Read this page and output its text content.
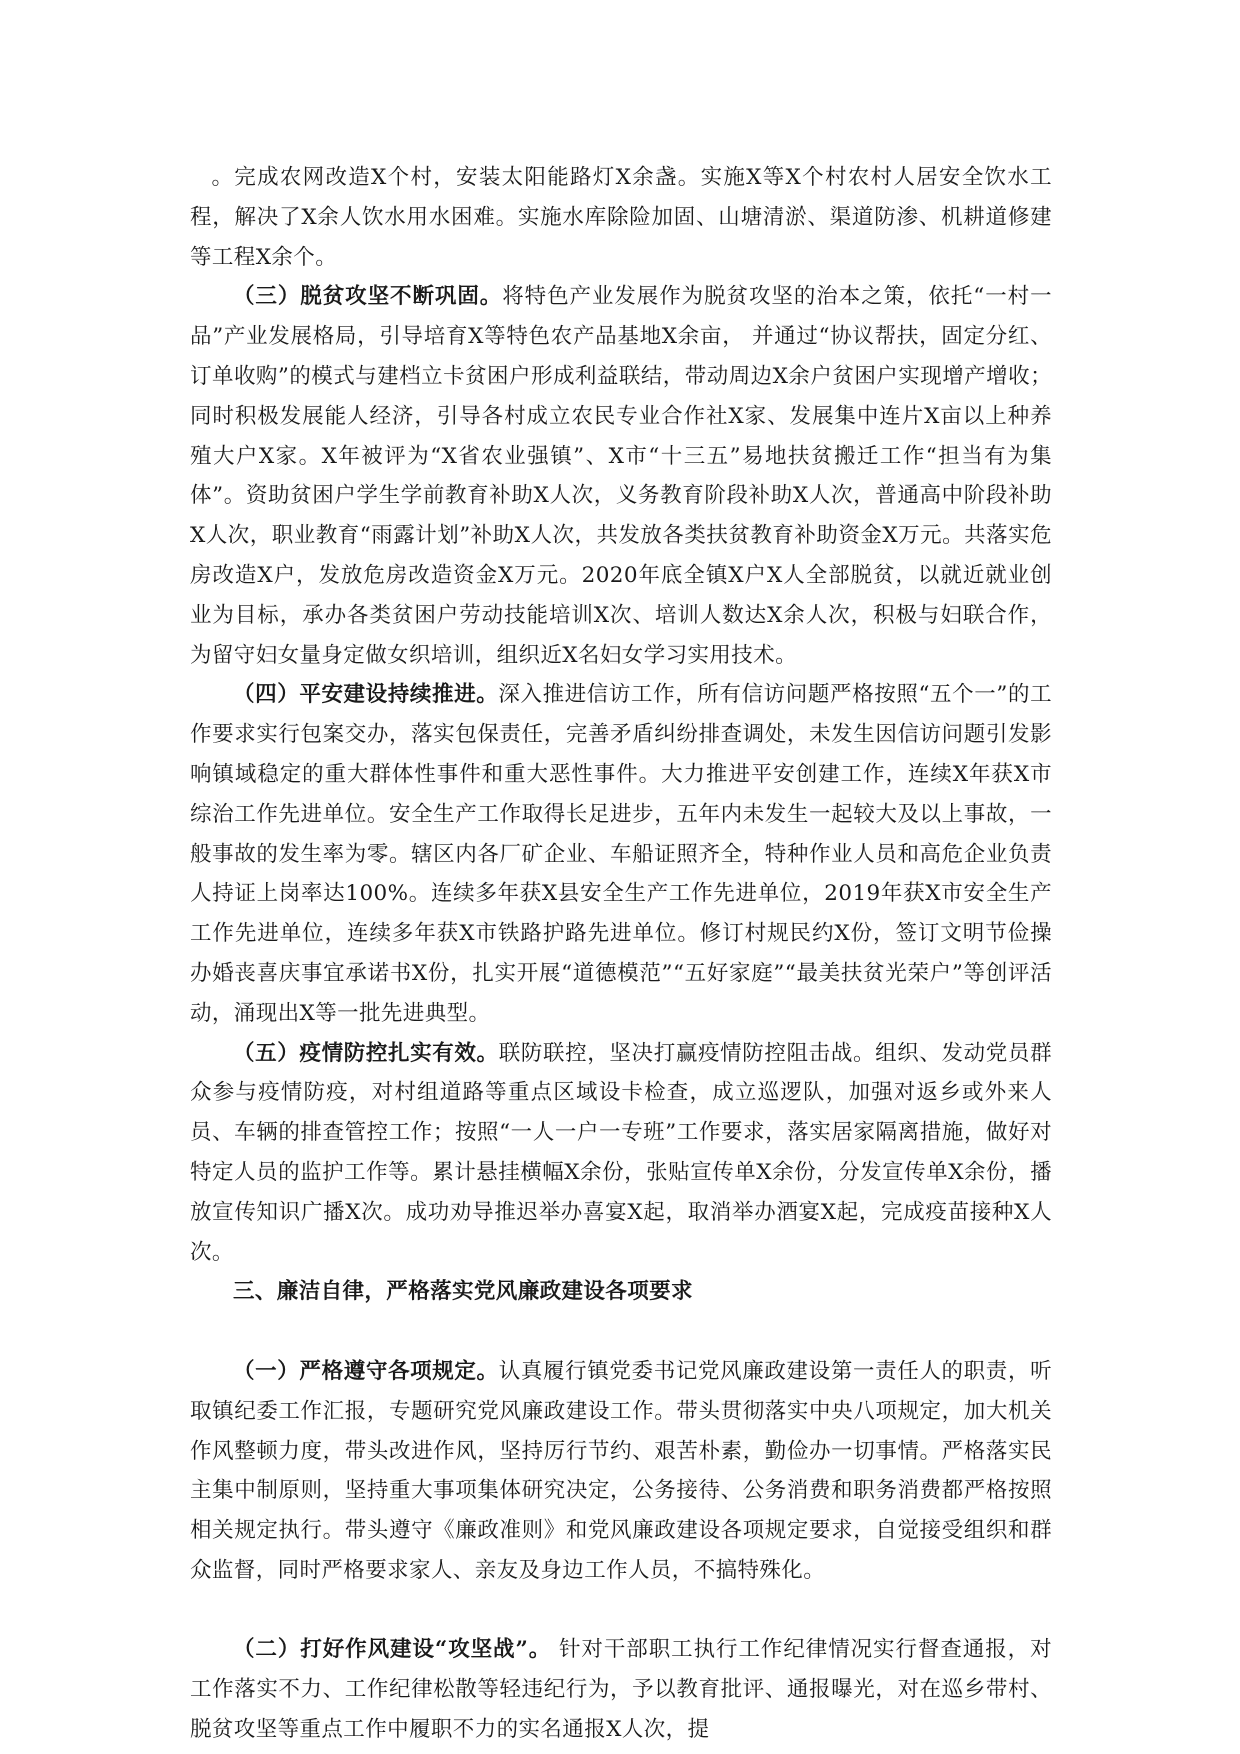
。完成农网改造X个村，安装太阳能路灯X余盏。实施X等X个村农村人居安全饮水工程，解决了X余人饮水用水困难。实施水库除险加固、山塘清淤、渠道防渗、机耕道修建等工程X余个。

（三）脱贫攻坚不断巩固。将特色产业发展作为脱贫攻坚的治本之策，依托“一村一品”产业发展格局，引导培育X等特色农产品基地X余亩， 并通过“协议帮扶，固定分红、订单收购”的模式与建档立卡贫困户形成利益联结，带动周边X余户贫困户实现增产增收；同时积极发展能人经济，引导各村成立农民专业合作社X家、发展集中连片X亩以上种养殖大户X家。X年被评为“X省农业强镇”、X市“十三五”易地扶贫搬迁工作“担当有为集体”。资助贫困户学生学前教育补助X人次，义务教育阶段补助X人次，普通高中阶段补助X人次，职业教育“雨露计划”补助X人次，共发放各类扶贫教育补助资金X万元。共落实危房改造X户，发放危房改造资金X万元。2020年底全镇X户X人全部脱贫，以就近就业创业为目标，承办各类贫困户劳动技能培训X次、培训人数达X余人次，积极与妇联合作，为留守妇女量身定做女织培训，组织近X名妇女学习实用技术。

（四）平安建设持续推进。深入推进信访工作，所有信访问题严格按照“五个一”的工作要求实行包案交办，落实包保责任，完善矛盾纠纷排查调处，未发生因信访问题引发影响镇域稳定的重大群体性事件和重大恶性事件。大力推进平安创建工作，连续X年获X市综治工作先进单位。安全生产工作取得长足进步，五年内未发生一起较大及以上事故，一般事故的发生率为零。辖区内各厂矿企业、车船证照齐全，特种作业人员和高危企业负责人持证上岗率达100%。连续多年获X县安全生产工作先进单位，2019年获X市安全生产工作先进单位，连续多年获X市铁路护路先进单位。修订村规民约X份，签订文明节俭操办婚丧喜庆事宜承诺书X份，扎实开展“道德模范”“五好家庭”“最美扶贫光荣户”等创评活动，涌现出X等一批先进典型。

（五）疫情防控扎实有效。联防联控，坚决打赢疫情防控阻击战。组织、发动党员群众参与疫情防疫，对村组道路等重点区域设卡检查，成立巡逻队，加强对返乡或外来人员、车辆的排查管控工作；按照“一人一户一专班”工作要求，落实居家隔离措施，做好对特定人员的监护工作等。累计悬挂横幅X余份，张贴宣传单X余份，分发宣传单X余份，播放宣传知识广播X次。成功劝导推迟举办喜宴X起，取消举办酒宴X起，完成疫苗接种X人次。

三、廉洁自律，严格落实党风廉政建设各项要求

（一）严格遵守各项规定。认真履行镇党委书记党风廉政建设第一责任人的职责，听取镇纪委工作汇报，专题研究党风廉政建设工作。带头贯彻落实中央八项规定，加大机关作风整顿力度，带头改进作风，坚持厉行节约、艰苦朴素，勤俭办一切事情。严格落实民主集中制原则，坚持重大事项集体研究决定，公务接待、公务消费和职务消费都严格按照相关规定执行。带头遵守《廉政准则》和党风廉政建设各项规定要求，自觉接受组织和群众监督，同时严格要求家人、亲友及身边工作人员，不搞特殊化。

（二）打好作风建设“攻坚战”。 针对干部职工执行工作纪律情况实行督查通报，对工作落实不力、工作纪律松散等轻违纪行为，予以教育批评、通报曝光，对在巡乡带村、脱贫攻坚等重点工作中履职不力的实名通报X人次，提
